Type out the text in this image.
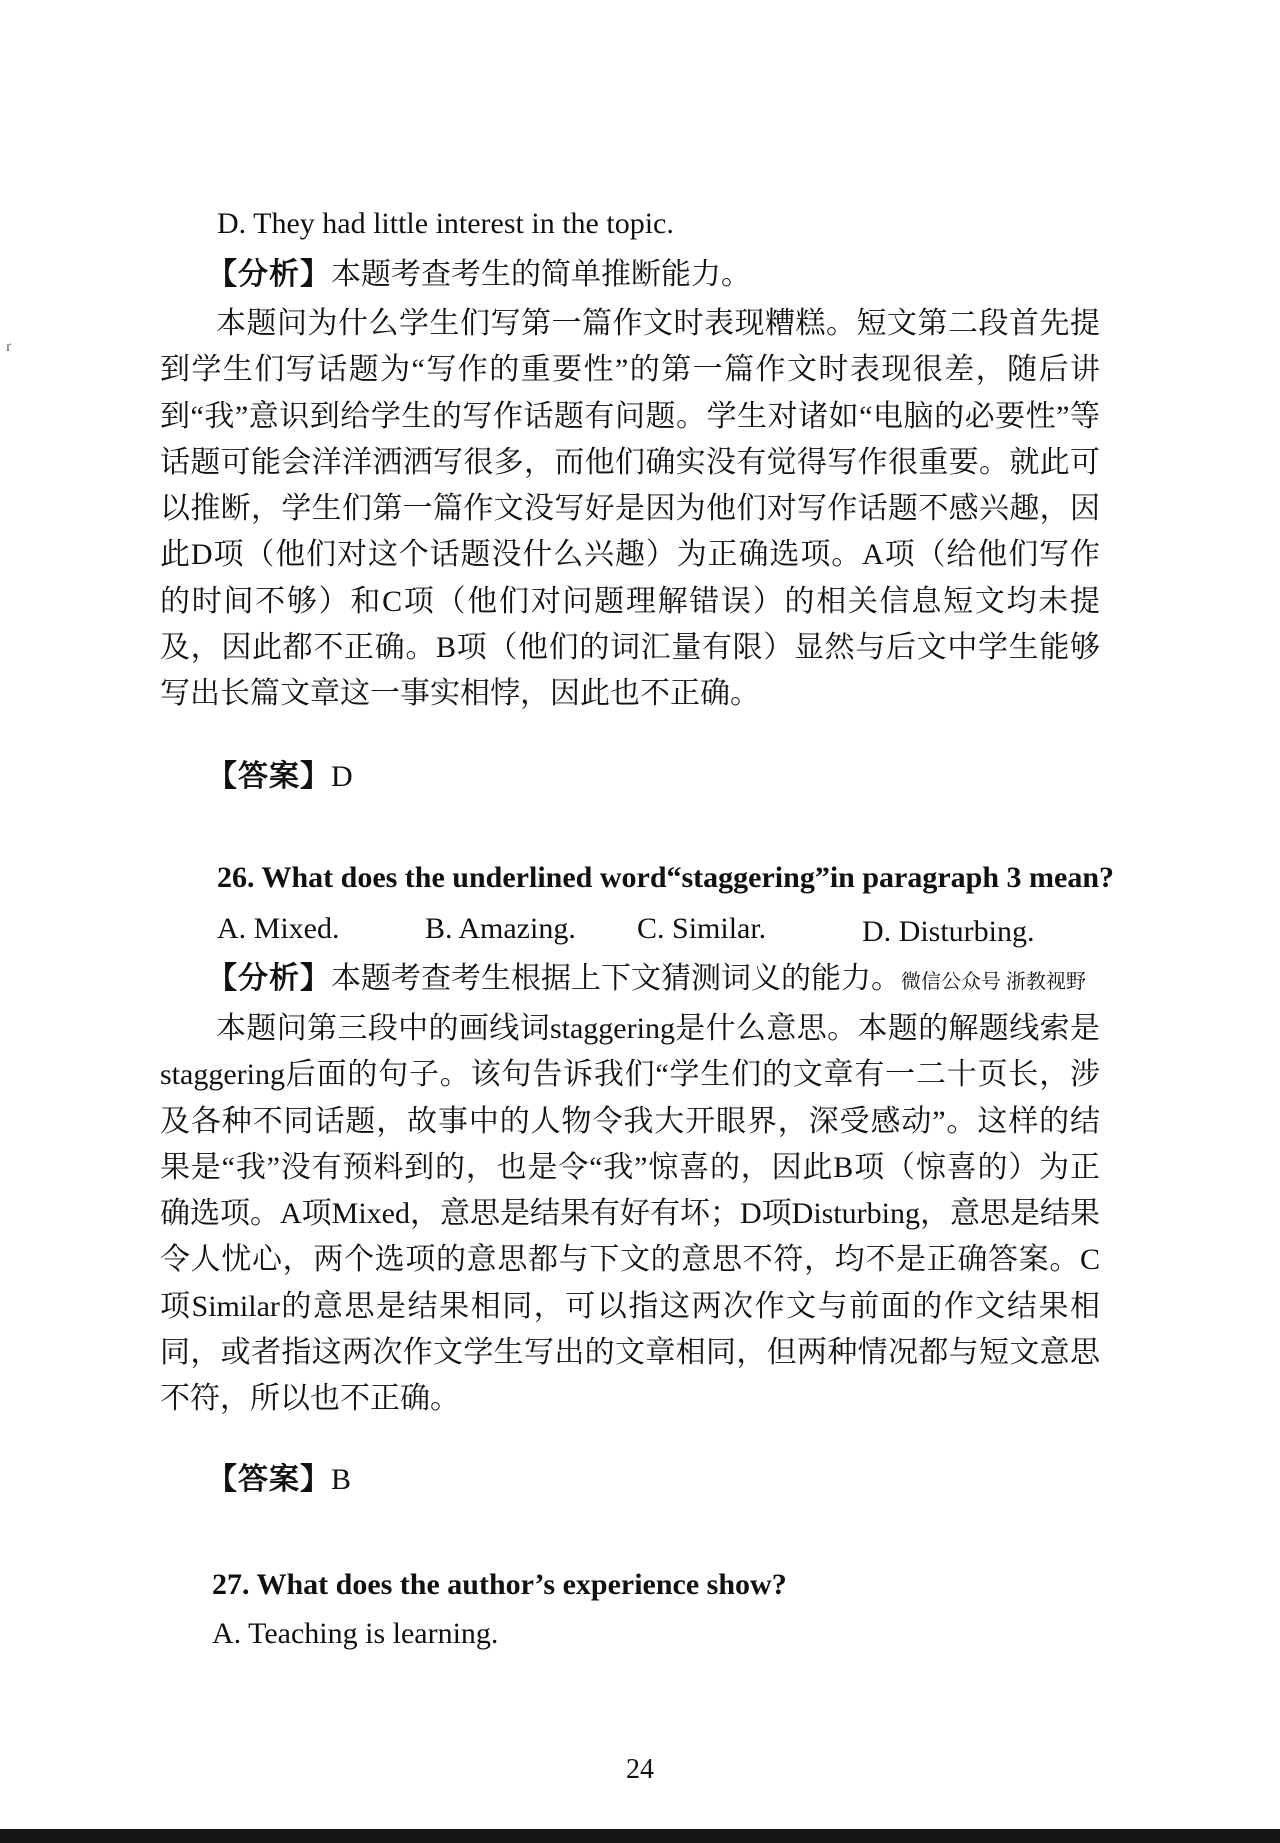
ґ
D. They had little interest in the topic.
【分析】本题考查考生的简单推断能力。
本题问为什么学生们写第一篇作文时表现糟糕。短文第二段首先提到学生们写话题为“写作的重要性”的第一篇作文时表现很差，随后讲到“我”意识到给学生的写作话题有问题。学生对诸如“电脑的必要性”等话题可能会洋洋洒洒写很多，而他们确实没有觉得写作很重要。就此可以推断，学生们第一篇作文没写好是因为他们对写作话题不感兴趣，因此D项（他们对这个话题没什么兴趣）为正确选项。A项（给他们写作的时间不够）和C项（他们对问题理解错误）的相关信息短文均未提及，因此都不正确。B项（他们的词汇量有限）显然与后文中学生能够写出长篇文章这一事实相悖，因此也不正确。
【答案】D
26. What does the underlined word“staggering”in paragraph 3 mean?
A. Mixed.	B. Amazing. C. Similar.	D. Disturbing.
【分析】本题考查考生根据上下文猜测词义的能力。微信公众号 浙教视野
本题问第三段中的画线词staggering是什么意思。本题的解题线索是staggering后面的句子。该句告诉我们“学生们的文章有一二十页长，涉及各种不同话题，故事中的人物令我大开眼界，深受感动”。这样的结果是“我”没有预料到的，也是令“我”惊喜的，因此B项（惊喜的）为正确选项。A项Mixed，意思是结果有好有坏；D项Disturbing，意思是结果令人忧心，两个选项的意思都与下文的意思不符，均不是正确答案。C项Similar的意思是结果相同，可以指这两次作文与前面的作文结果相同，或者指这两次作文学生写出的文章相同，但两种情况都与短文意思不符，所以也不正确。
【答案】B
27. What does the author’s experience show?
A. Teaching is learning.
24
